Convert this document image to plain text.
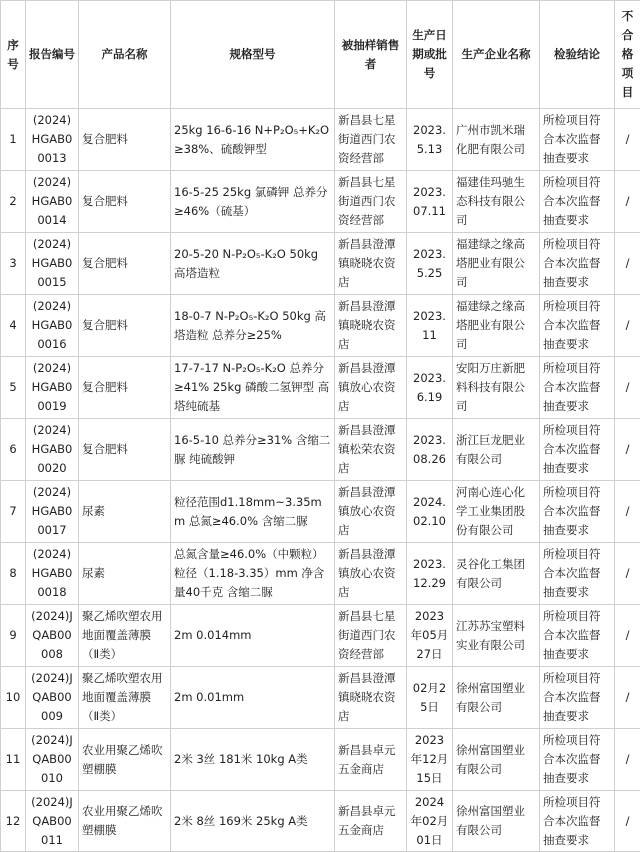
序号	报告编号	产品名称	规格型号	被抽样销售者	生产日期或批号	生产企业名称	检验结论	不合格项目
1	(2024)HGAB00013	复合肥料	25kg 16-6-16 N+P₂O₅+K₂O≥38%、硫酸钾型	新昌县七星街道西门农资经营部	2023.5.13	广州市凯米瑞化肥有限公司	所检项目符合本次监督抽查要求	/
2	(2024)HGAB00014	复合肥料	16-5-25 25kg 氯磷钾 总养分≥46%（硫基）	新昌县七星街道西门农资经营部	2023.07.11	福建佳玛驰生态科技有限公司	所检项目符合本次监督抽查要求	/
3	(2024)HGAB00015	复合肥料	20-5-20 N-P₂O₅-K₂O 50kg 高塔造粒	新昌县澄潭镇晓晓农资店	2023.5.25	福建绿之缘高塔肥业有限公司	所检项目符合本次监督抽查要求	/
4	(2024)HGAB00016	复合肥料	18-0-7 N-P₂O₅-K₂O 50kg 高塔造粒 总养分≥25%	新昌县澄潭镇晓晓农资店	2023.11	福建绿之缘高塔肥业有限公司	所检项目符合本次监督抽查要求	/
5	(2024)HGAB00019	复合肥料	17-7-17 N-P₂O₅-K₂O 总养分≥41% 25kg 磷酸二氢钾型 高塔纯硫基	新昌县澄潭镇放心农资店	2023.6.19	安阳万庄新肥料科技有限公司	所检项目符合本次监督抽查要求	/
6	(2024)HGAB00020	复合肥料	16-5-10 总养分≥31% 含缩二脲 纯硫酸钾	新昌县澄潭镇松荣农资店	2023.08.26	浙江巨龙肥业有限公司	所检项目符合本次监督抽查要求	/
7	(2024)HGAB00017	尿素	粒径范围d1.18mm~3.35mm 总氮≥46.0% 含缩二脲	新昌县澄潭镇放心农资店	2024.02.10	河南心连心化学工业集团股份有限公司	所检项目符合本次监督抽查要求	/
8	(2024)HGAB00018	尿素	总氮含量≥46.0%（中颗粒）粒径（1.18-3.35）mm 净含量40千克 含缩二脲	新昌县澄潭镇放心农资店	2023.12.29	灵谷化工集团有限公司	所检项目符合本次监督抽查要求	/
9	(2024)JQAB00008	聚乙烯吹塑农用地面覆盖薄膜（Ⅱ类）	2m 0.014mm	新昌县七星街道西门农资经营部	2023年05月27日	江苏苏宝塑料实业有限公司	所检项目符合本次监督抽查要求	/
10	(2024)JQAB00009	聚乙烯吹塑农用地面覆盖薄膜（Ⅱ类）	2m 0.01mm	新昌县澄潭镇晓晓农资店	02月25日	徐州富国塑业有限公司	所检项目符合本次监督抽查要求	/
11	(2024)JQAB00010	农业用聚乙烯吹塑棚膜	2米 3丝 181米 10kg A类	新昌县卓元五金商店	2023年12月15日	徐州富国塑业有限公司	所检项目符合本次监督抽查要求	/
12	(2024)JQAB00011	农业用聚乙烯吹塑棚膜	2米 8丝 169米 25kg A类	新昌县卓元五金商店	2024年02月01日	徐州富国塑业有限公司	所检项目符合本次监督抽查要求	/
